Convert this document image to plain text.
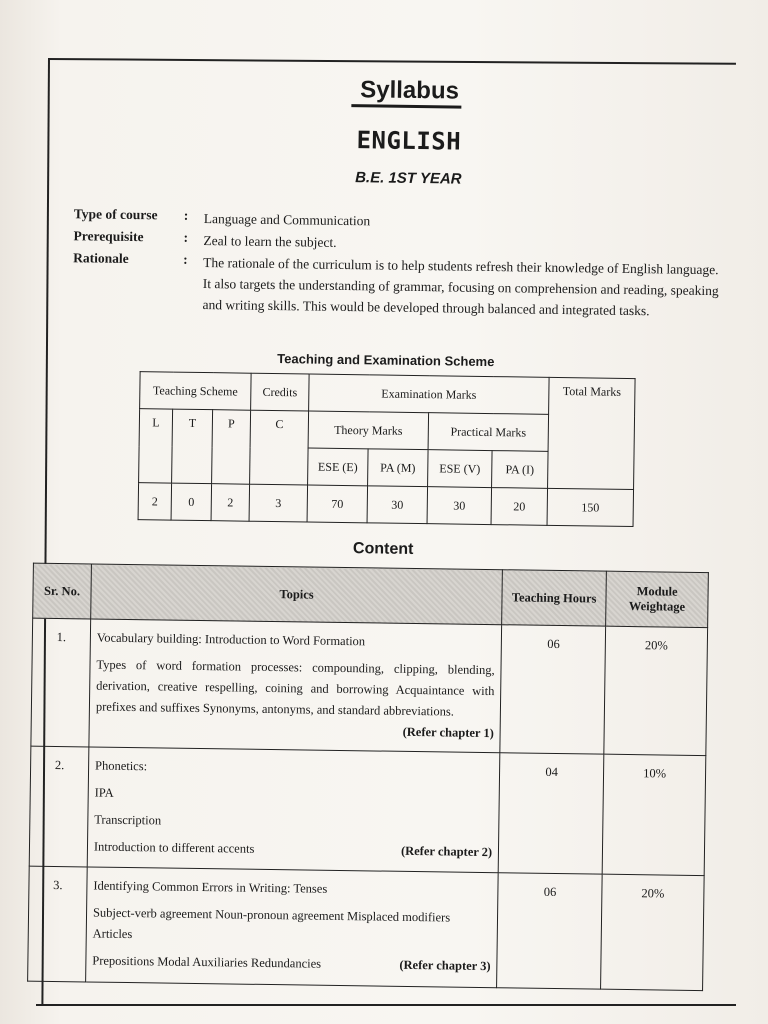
Syllabus
ENGLISH
B.E. 1ST YEAR
Type of course	: Language and Communication
Prerequisite	: Zeal to learn the subject.
Rationale	: The rationale of the curriculum is to help students refresh their knowledge of English language. It also targets the understanding of grammar, focusing on comprehension and reading, speaking and writing skills. This would be developed through balanced and integrated tasks.
Teaching and Examination Scheme
Teaching Scheme			Credits	Examination Marks				Total Marks
L	T	P	C	Theory Marks		Practical Marks		
				ESE (E)	PA (M)	ESE (V)	PA (I)	
2	0	2	3	70	30	30	20	150
Content
Sr. No.	Topics	Teaching Hours	Module Weightage
1.	Vocabulary building: Introduction to Word Formation
Types of word formation processes: compounding, clipping, blending, derivation, creative respelling, coining and borrowing Acquaintance with prefixes and suffixes Synonyms, antonyms, and standard abbreviations.
(Refer chapter 1)	06	20%
2.	Phonetics:
IPA
Transcription
(Refer chapter 2)
Introduction to different accents	04	10%
3.	Identifying Common Errors in Writing: Tenses
Subject-verb agreement Noun-pronoun agreement Misplaced modifiers
Articles
(Refer chapter 3)
Prepositions Modal Auxiliaries Redundancies	06	20%
